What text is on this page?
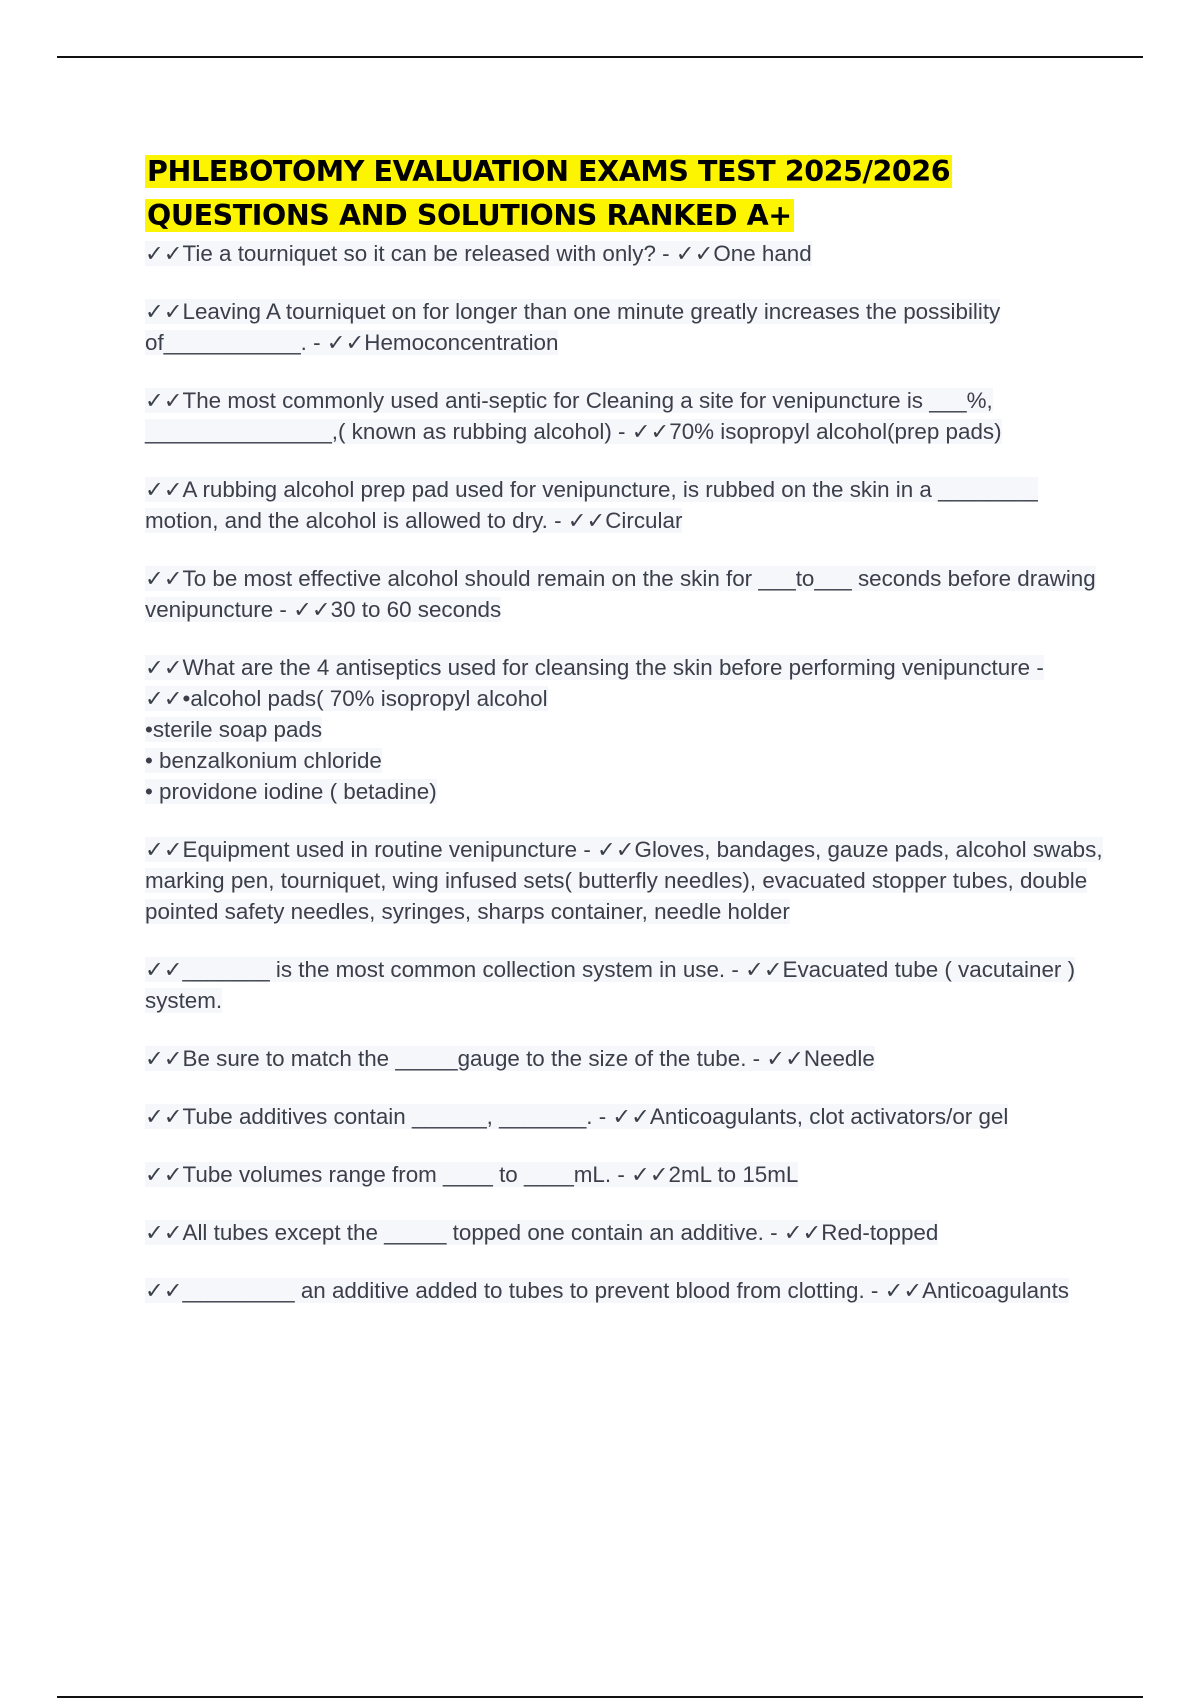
PHLEBOTOMY EVALUATION EXAMS TEST 2025/2026
QUESTIONS AND SOLUTIONS RANKED A+

✓✓Tie a tourniquet so it can be released with only? - ✓✓One hand

✓✓Leaving A tourniquet on for longer than one minute greatly increases the possibility of___________. - ✓✓Hemoconcentration

✓✓The most commonly used anti-septic for Cleaning a site for venipuncture is ___%, _______________,( known as rubbing alcohol) - ✓✓70% isopropyl alcohol(prep pads)

✓✓A rubbing alcohol prep pad used for venipuncture, is rubbed on the skin in a ________ motion, and the alcohol is allowed to dry. - ✓✓Circular

✓✓To be most effective alcohol should remain on the skin for ___to___ seconds before drawing venipuncture - ✓✓30 to 60 seconds

✓✓What are the 4 antiseptics used for cleansing the skin before performing venipuncture - ✓✓•alcohol pads( 70% isopropyl alcohol
•sterile soap pads
• benzalkonium chloride
• providone iodine ( betadine)

✓✓Equipment used in routine venipuncture - ✓✓Gloves, bandages, gauze pads, alcohol swabs, marking pen, tourniquet, wing infused sets( butterfly needles), evacuated stopper tubes, double pointed safety needles, syringes, sharps container, needle holder

✓✓_______ is the most common collection system in use. - ✓✓Evacuated tube ( vacutainer ) system.

✓✓Be sure to match the _____gauge to the size of the tube. - ✓✓Needle

✓✓Tube additives contain ______, _______. - ✓✓Anticoagulants, clot activators/or gel

✓✓Tube volumes range from ____ to ____mL. - ✓✓2mL to 15mL

✓✓All tubes except the _____ topped one contain an additive. - ✓✓Red-topped

✓✓_________ an additive added to tubes to prevent blood from clotting. - ✓✓Anticoagulants
